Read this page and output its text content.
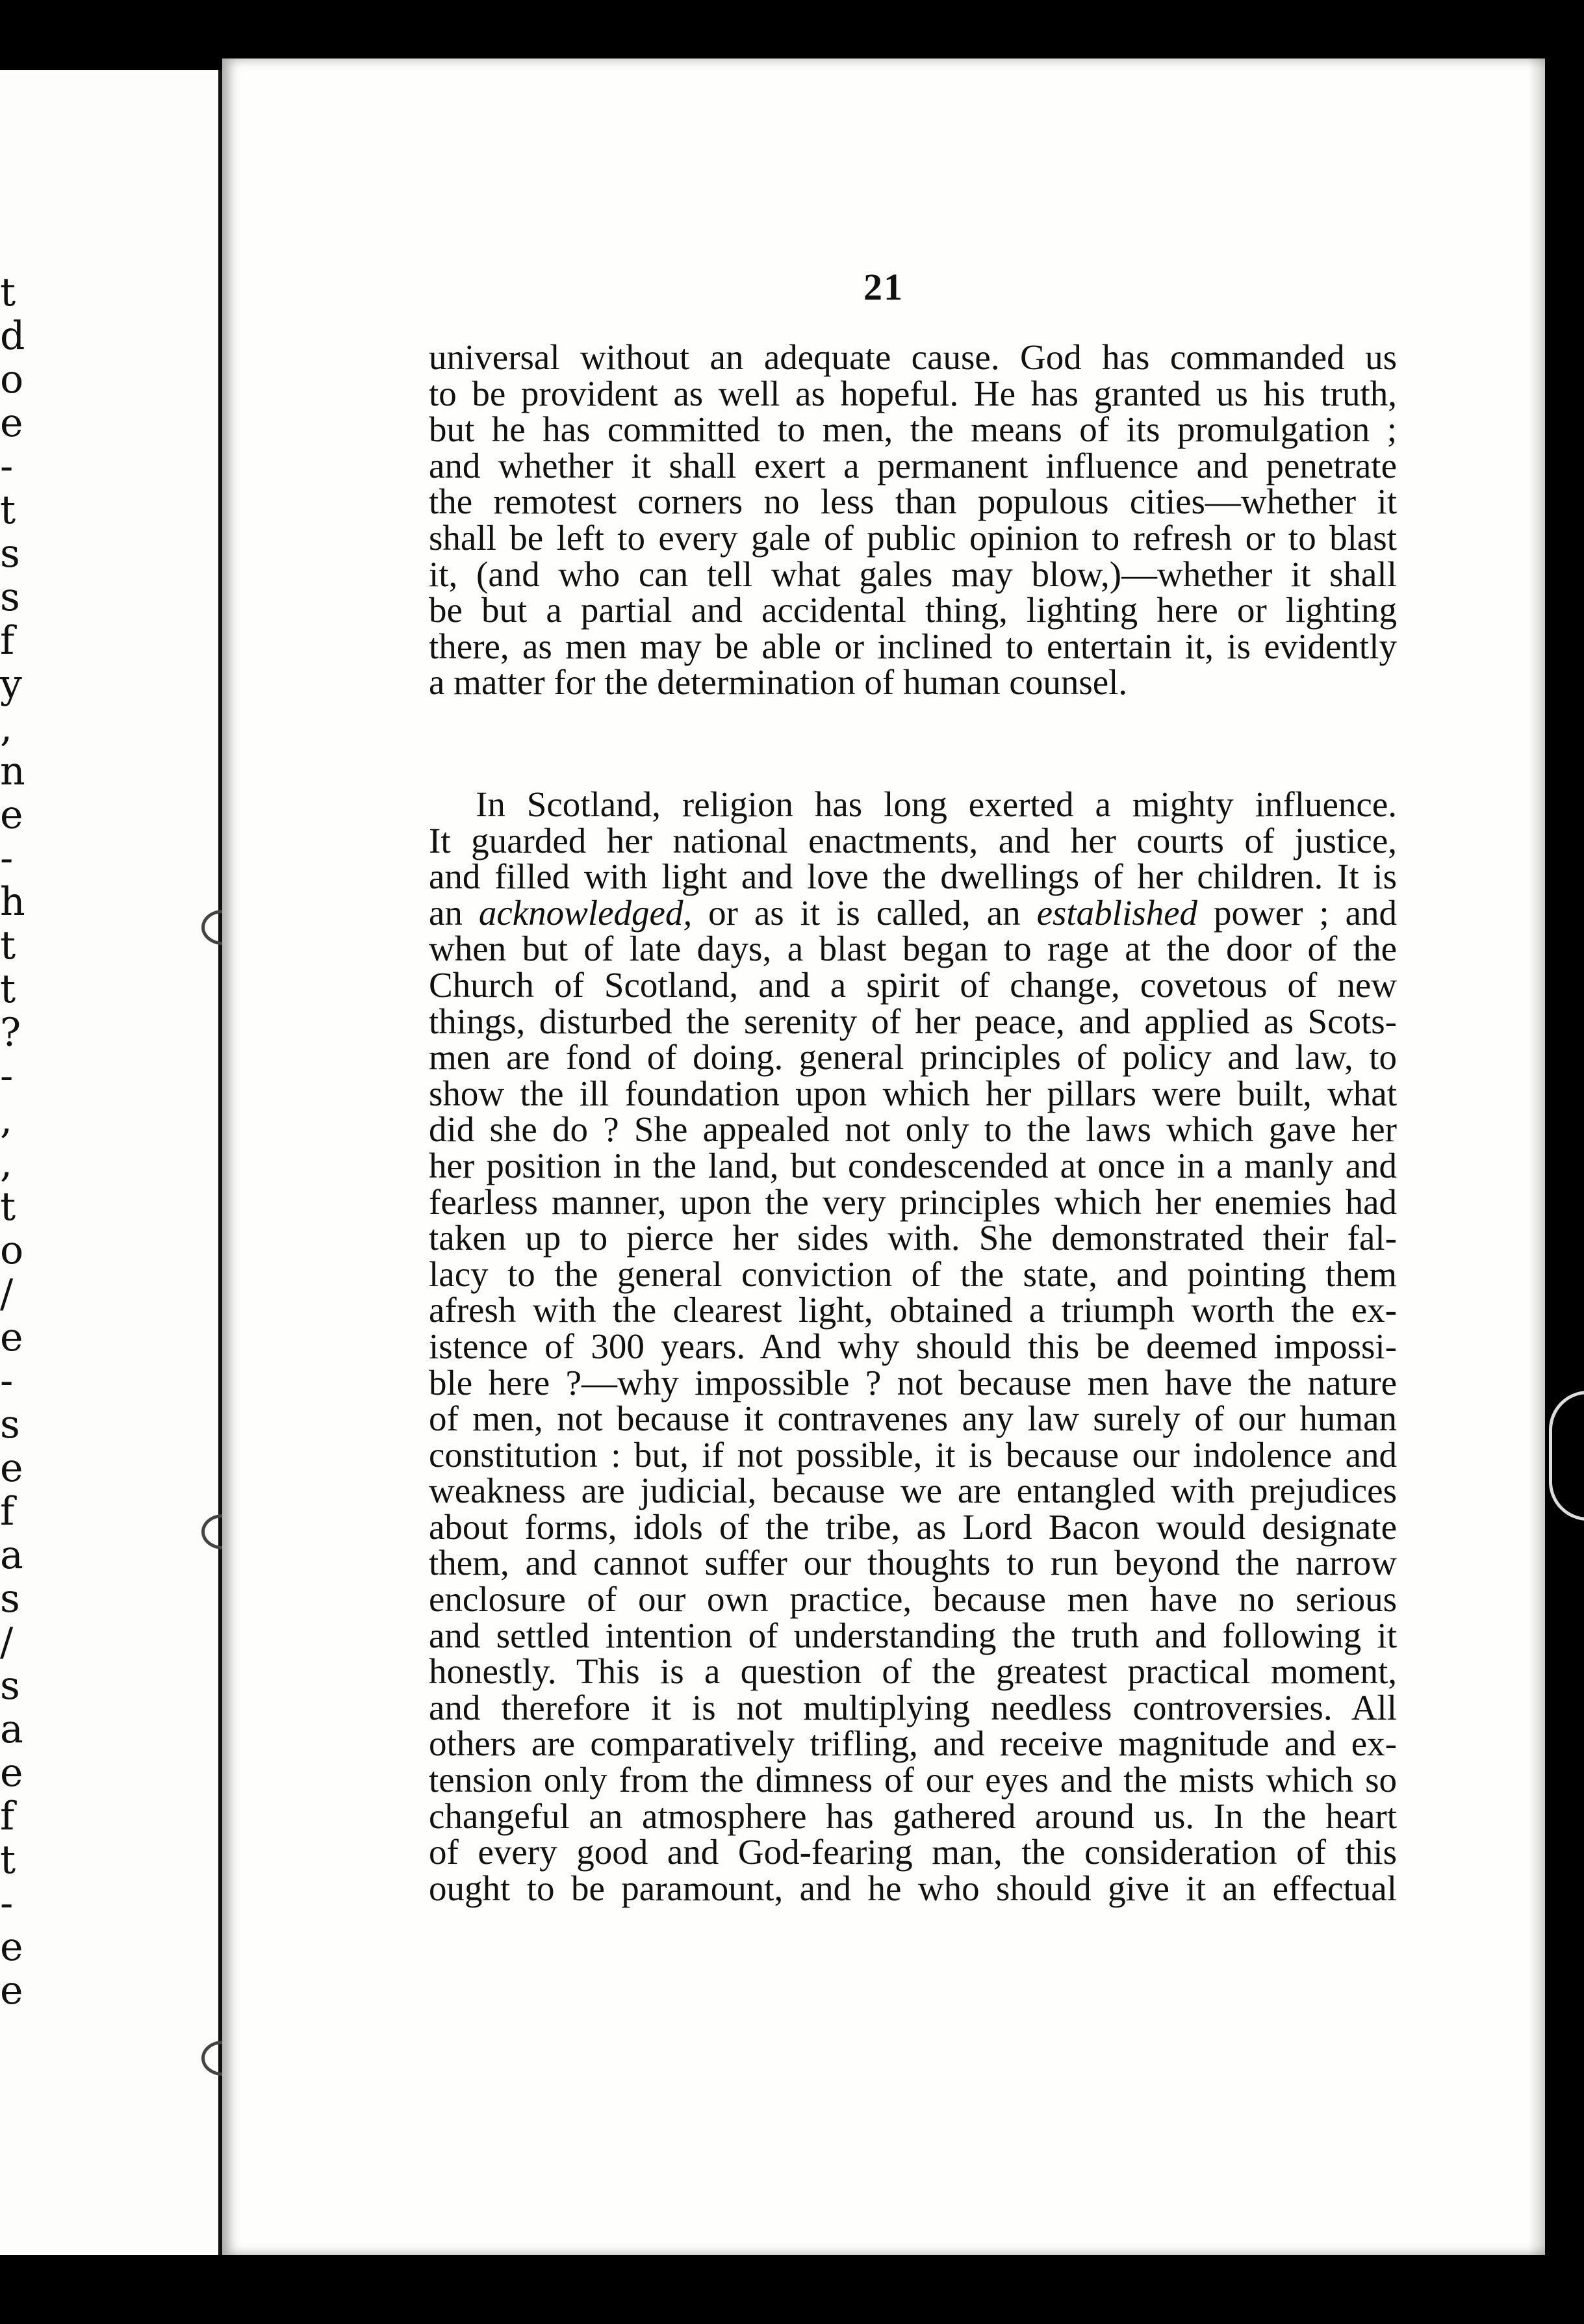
t
d
o
e
-
t
s
s
f
y
,
n
e
-
h
t
t
?
-
,
,
t
o
/
e
-
s
e
f
a
s
/
s
a
e
f
t
-
e
e
21
universal without an adequate cause. God has commanded us
to be provident as well as hopeful. He has granted us his truth,
but he has committed to men, the means of its promulgation ;
and whether it shall exert a permanent influence and penetrate
the remotest corners no less than populous cities—whether it
shall be left to every gale of public opinion to refresh or to blast
it, (and who can tell what gales may blow,)—whether it shall
be but a partial and accidental thing, lighting here or lighting
there, as men may be able or inclined to entertain it, is evidently
a matter for the determination of human counsel.
In Scotland, religion has long exerted a mighty influence.
It guarded her national enactments, and her courts of justice,
and filled with light and love the dwellings of her children. It is
an acknowledged, or as it is called, an established power ; and
when but of late days, a blast began to rage at the door of the
Church of Scotland, and a spirit of change, covetous of new
things, disturbed the serenity of her peace, and applied as Scots-
men are fond of doing. general principles of policy and law, to
show the ill foundation upon which her pillars were built, what
did she do ? She appealed not only to the laws which gave her
her position in the land, but condescended at once in a manly and
fearless manner, upon the very principles which her enemies had
taken up to pierce her sides with. She demonstrated their fal-
lacy to the general conviction of the state, and pointing them
afresh with the clearest light, obtained a triumph worth the ex-
istence of 300 years. And why should this be deemed impossi-
ble here ?—why impossible ? not because men have the nature
of men, not because it contravenes any law surely of our human
constitution : but, if not possible, it is because our indolence and
weakness are judicial, because we are entangled with prejudices
about forms, idols of the tribe, as Lord Bacon would designate
them, and cannot suffer our thoughts to run beyond the narrow
enclosure of our own practice, because men have no serious
and settled intention of understanding the truth and following it
honestly. This is a question of the greatest practical moment,
and therefore it is not multiplying needless controversies. All
others are comparatively trifling, and receive magnitude and ex-
tension only from the dimness of our eyes and the mists which so
changeful an atmosphere has gathered around us. In the heart
of every good and God-fearing man, the consideration of this
ought to be paramount, and he who should give it an effectual
